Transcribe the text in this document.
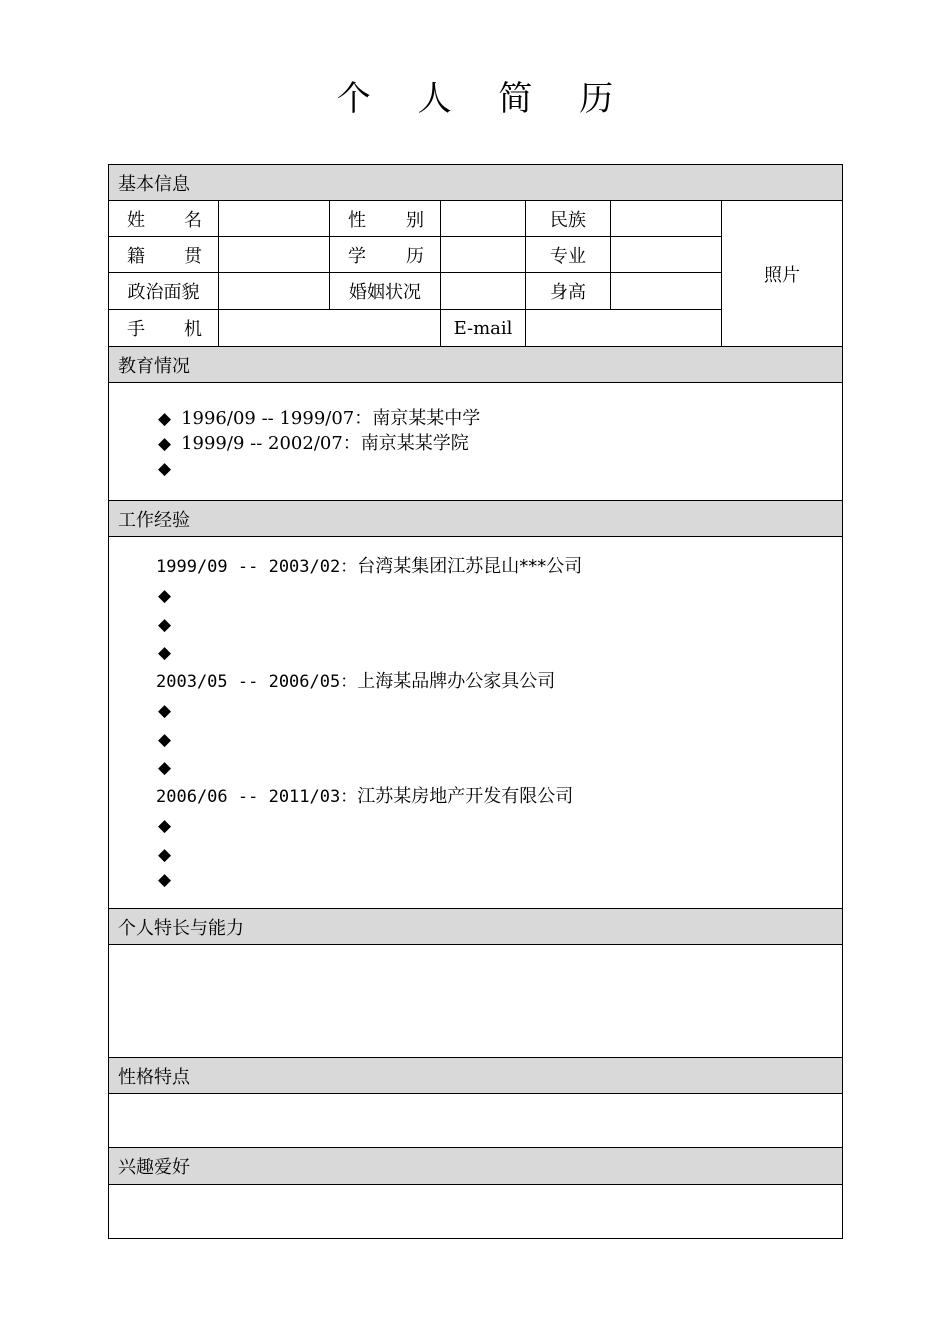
个 人 简 历
基本信息
姓 名	性 别	民族
籍 贯	学 历	专业
政治面貌	婚姻状况	身高
手 机	E-mail
照片
教育情况
◆ 1996/09 -- 1999/07：南京某某中学
◆ 1999/9 -- 2002/07：南京某某学院
◆
工作经验
1999/09 -- 2003/02：台湾某集团江苏昆山***公司
◆
◆
◆
2003/05 -- 2006/05：上海某品牌办公家具公司
◆
◆
◆
2006/06 -- 2011/03：江苏某房地产开发有限公司
◆
◆
◆
个人特长与能力
性格特点
兴趣爱好
